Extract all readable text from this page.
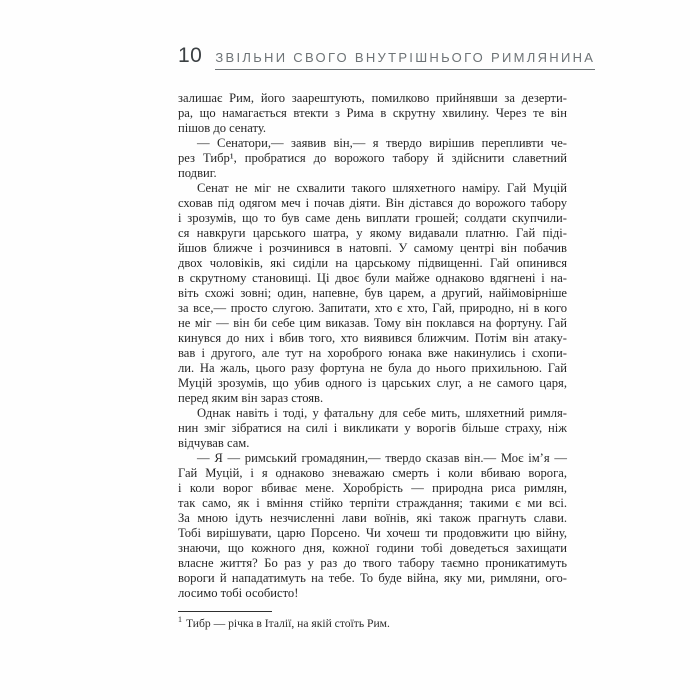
10 ЗВІЛЬНИ СВОГО ВНУТРІШНЬОГО РИМЛЯНИНА

залишає Рим, його заарештують, помилково прийнявши за дезерти-
ра, що намагається втекти з Рима в скрутну хвилину. Через те він
пішов до сенату.

— Сенатори,— заявив він,— я твердо вирішив перепливти че-
рез Тибр¹, пробратися до ворожого табору й здійснити славетний
подвиг.

Сенат не міг не схвалити такого шляхетного наміру. Гай Муцій
сховав під одягом меч і почав діяти. Він дістався до ворожого табору
і зрозумів, що то був саме день виплати грошей; солдати скупчили-
ся навкруги царського шатра, у якому видавали платню. Гай піді-
йшов ближче і розчинився в натовпі. У самому центрі він побачив
двох чоловіків, які сиділи на царському підвищенні. Гай опинився
в скрутному становищі. Ці двоє були майже однаково вдягнені і на-
віть схожі зовні; один, напевне, був царем, а другий, найімовірніше
за все,— просто слугою. Запитати, хто є хто, Гай, природно, ні в кого
не міг — він би себе цим виказав. Тому він поклався на фортуну. Гай
кинувся до них і вбив того, хто виявився ближчим. Потім він атаку-
вав і другого, але тут на хороброго юнака вже накинулись і схопи-
ли. На жаль, цього разу фортуна не була до нього прихильною. Гай
Муцій зрозумів, що убив одного із царських слуг, а не самого царя,
перед яким він зараз стояв.

Однак навіть і тоді, у фатальну для себе мить, шляхетний римля-
нин зміг зібратися на силі і викликати у ворогів більше страху, ніж
відчував сам.

— Я — римський громадянин,— твердо сказав він.— Моє ім’я —
Гай Муцій, і я однаково зневажаю смерть і коли вбиваю ворога,
і коли ворог вбиває мене. Хоробрість — природна риса римлян,
так само, як і вміння стійко терпіти страждання; такими є ми всі.
За мною ідуть незчисленні лави воїнів, які також прагнуть слави.
Тобі вирішувати, царю Порсено. Чи хочеш ти продовжити цю війну,
знаючи, що кожного дня, кожної години тобі доведеться захищати
власне життя? Бо раз у раз до твого табору таємно проникатимуть
вороги й нападатимуть на тебе. То буде війна, яку ми, римляни, ого-
лосимо тобі особисто!

$^1$ Тибр — річка в Італії, на якій стоїть Рим.
